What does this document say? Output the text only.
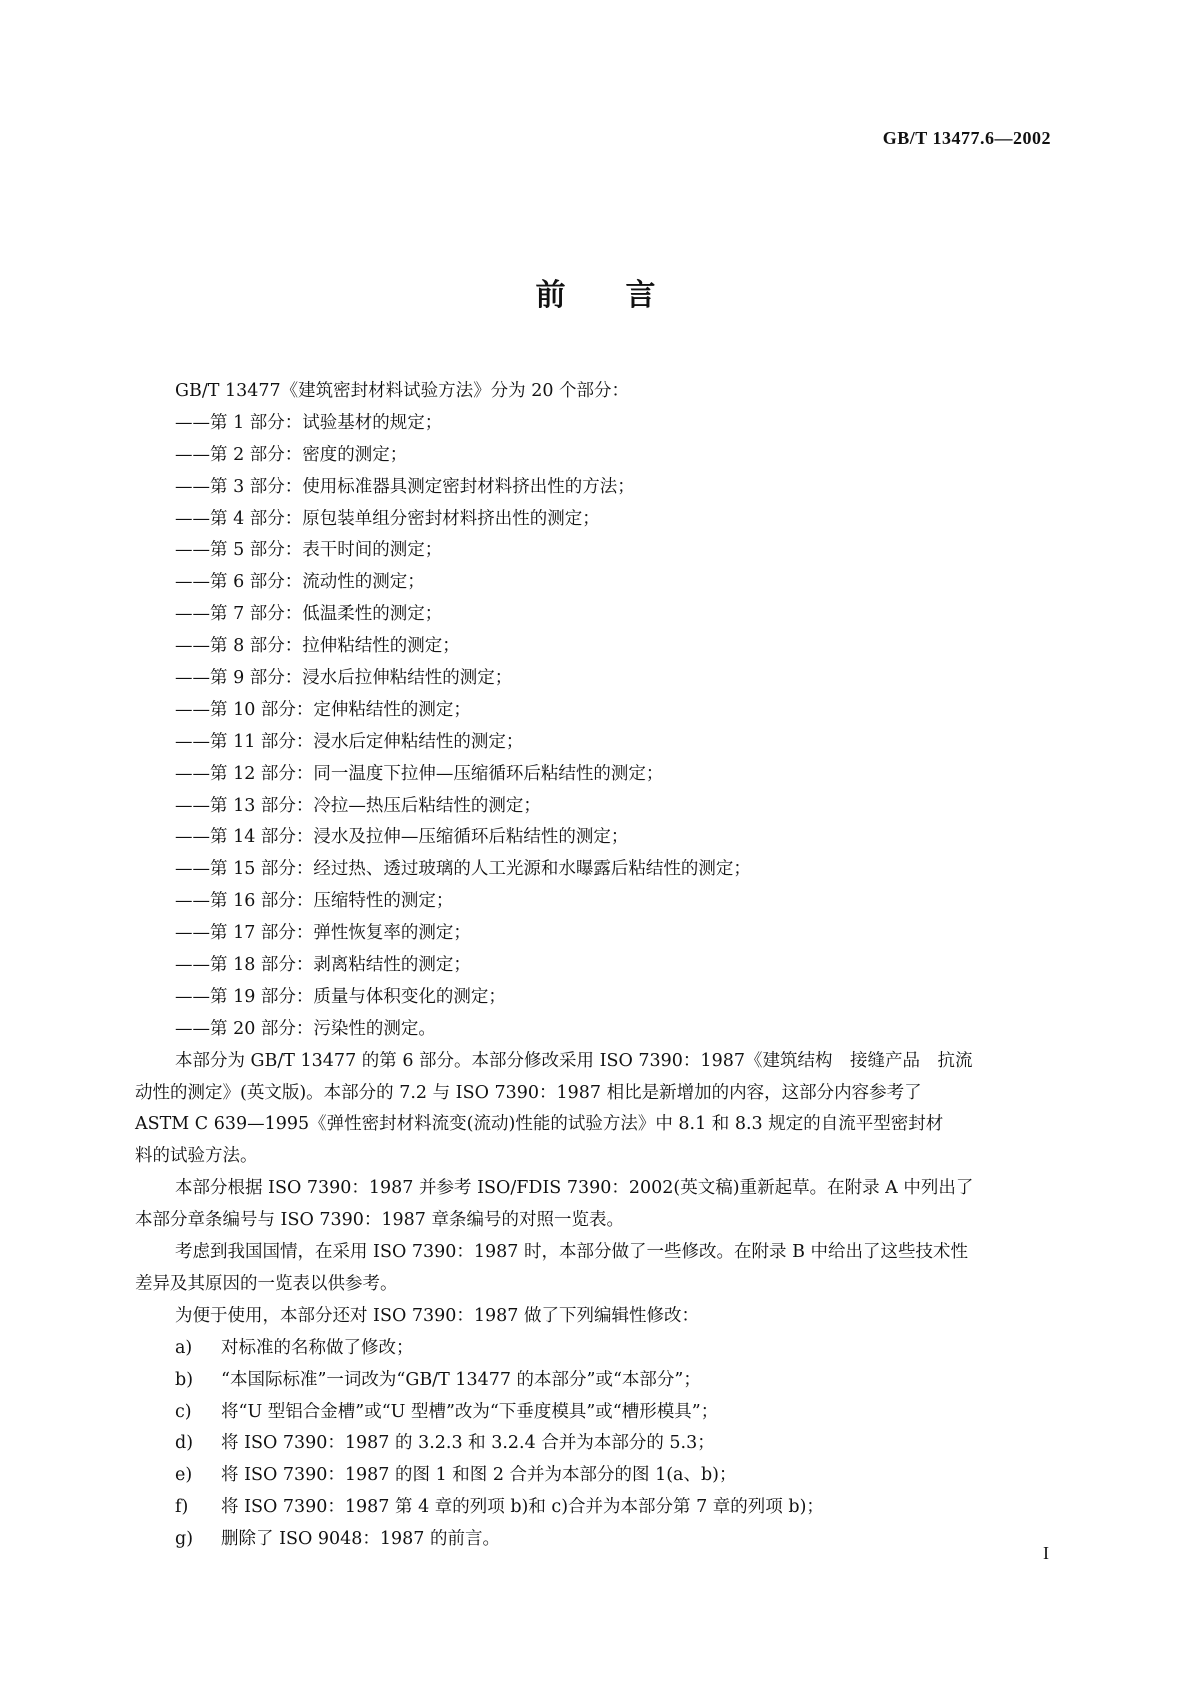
GB/T 13477.6—2002
前言
GB/T 13477《建筑密封材料试验方法》分为 20 个部分：
——第 1 部分：试验基材的规定；
——第 2 部分：密度的测定；
——第 3 部分：使用标准器具测定密封材料挤出性的方法；
——第 4 部分：原包装单组分密封材料挤出性的测定；
——第 5 部分：表干时间的测定；
——第 6 部分：流动性的测定；
——第 7 部分：低温柔性的测定；
——第 8 部分：拉伸粘结性的测定；
——第 9 部分：浸水后拉伸粘结性的测定；
——第 10 部分：定伸粘结性的测定；
——第 11 部分：浸水后定伸粘结性的测定；
——第 12 部分：同一温度下拉伸—压缩循环后粘结性的测定；
——第 13 部分：冷拉—热压后粘结性的测定；
——第 14 部分：浸水及拉伸—压缩循环后粘结性的测定；
——第 15 部分：经过热、透过玻璃的人工光源和水曝露后粘结性的测定；
——第 16 部分：压缩特性的测定；
——第 17 部分：弹性恢复率的测定；
——第 18 部分：剥离粘结性的测定；
——第 19 部分：质量与体积变化的测定；
——第 20 部分：污染性的测定。
本部分为 GB/T 13477 的第 6 部分。本部分修改采用 ISO 7390：1987《建筑结构　接缝产品　抗流
动性的测定》(英文版)。本部分的 7.2 与 ISO 7390：1987 相比是新增加的内容，这部分内容参考了
ASTM C 639—1995《弹性密封材料流变(流动)性能的试验方法》中 8.1 和 8.3 规定的自流平型密封材
料的试验方法。
本部分根据 ISO 7390：1987 并参考 ISO/FDIS 7390：2002(英文稿)重新起草。在附录 A 中列出了
本部分章条编号与 ISO 7390：1987 章条编号的对照一览表。
考虑到我国国情，在采用 ISO 7390：1987 时，本部分做了一些修改。在附录 B 中给出了这些技术性
差异及其原因的一览表以供参考。
为便于使用，本部分还对 ISO 7390：1987 做了下列编辑性修改：
a) 对标准的名称做了修改；
b) “本国际标准”一词改为“GB/T 13477 的本部分”或“本部分”；
c) 将“U 型铝合金槽”或“U 型槽”改为“下垂度模具”或“槽形模具”；
d) 将 ISO 7390：1987 的 3.2.3 和 3.2.4 合并为本部分的 5.3；
e) 将 ISO 7390：1987 的图 1 和图 2 合并为本部分的图 1(a、b)；
f) 将 ISO 7390：1987 第 4 章的列项 b)和 c)合并为本部分第 7 章的列项 b)；
g) 删除了 ISO 9048：1987 的前言。
I
